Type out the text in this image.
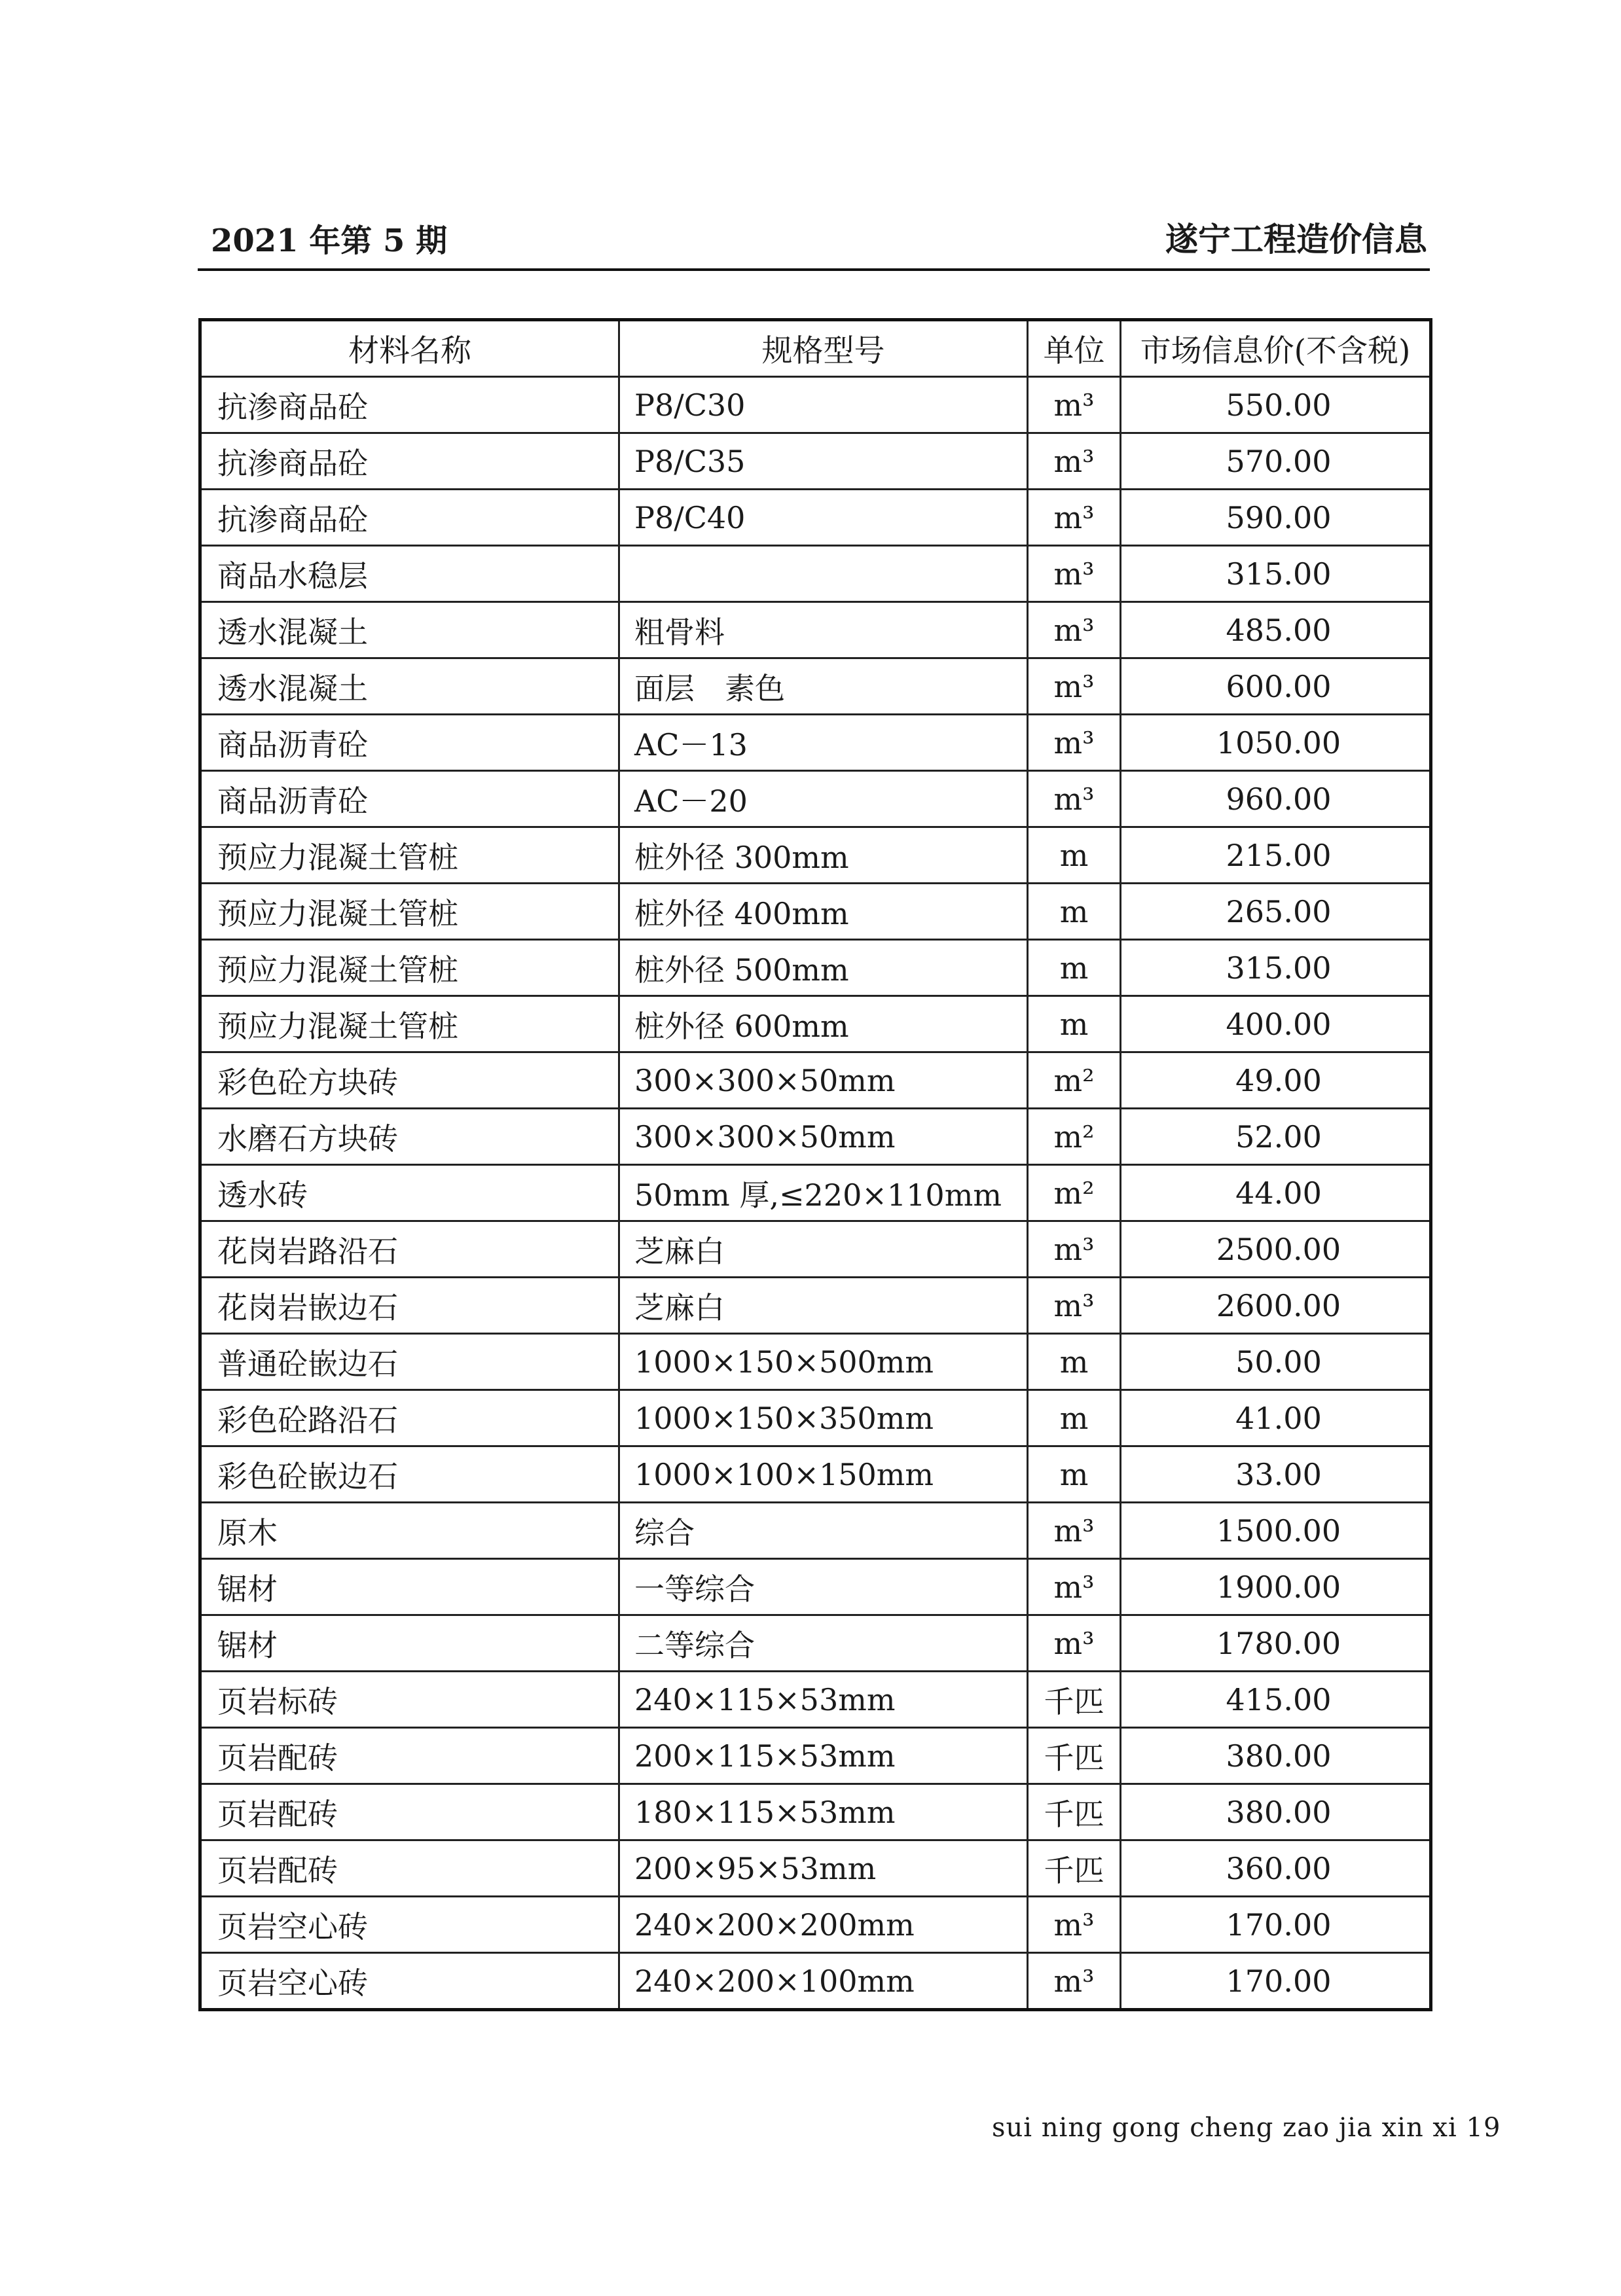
2021 年第 5 期	遂宁工程造价信息
材料名称	规格型号	单位	市场信息价(不含税)
抗渗商品砼	P8/C30	m³	550.00
抗渗商品砼	P8/C35	m³	570.00
抗渗商品砼	P8/C40	m³	590.00
商品水稳层		m³	315.00
透水混凝土	粗骨料	m³	485.00
透水混凝土	面层　素色	m³	600.00
商品沥青砼	AC－13	m³	1050.00
商品沥青砼	AC－20	m³	960.00
预应力混凝土管桩	桩外径 300mm	m	215.00
预应力混凝土管桩	桩外径 400mm	m	265.00
预应力混凝土管桩	桩外径 500mm	m	315.00
预应力混凝土管桩	桩外径 600mm	m	400.00
彩色砼方块砖	300×300×50mm	m²	49.00
水磨石方块砖	300×300×50mm	m²	52.00
透水砖	50mm 厚,≤220×110mm	m²	44.00
花岗岩路沿石	芝麻白	m³	2500.00
花岗岩嵌边石	芝麻白	m³	2600.00
普通砼嵌边石	1000×150×500mm	m	50.00
彩色砼路沿石	1000×150×350mm	m	41.00
彩色砼嵌边石	1000×100×150mm	m	33.00
原木	综合	m³	1500.00
锯材	一等综合	m³	1900.00
锯材	二等综合	m³	1780.00
页岩标砖	240×115×53mm	千匹	415.00
页岩配砖	200×115×53mm	千匹	380.00
页岩配砖	180×115×53mm	千匹	380.00
页岩配砖	200×95×53mm	千匹	360.00
页岩空心砖	240×200×200mm	m³	170.00
页岩空心砖	240×200×100mm	m³	170.00
sui ning gong cheng zao jia xin xi 19
